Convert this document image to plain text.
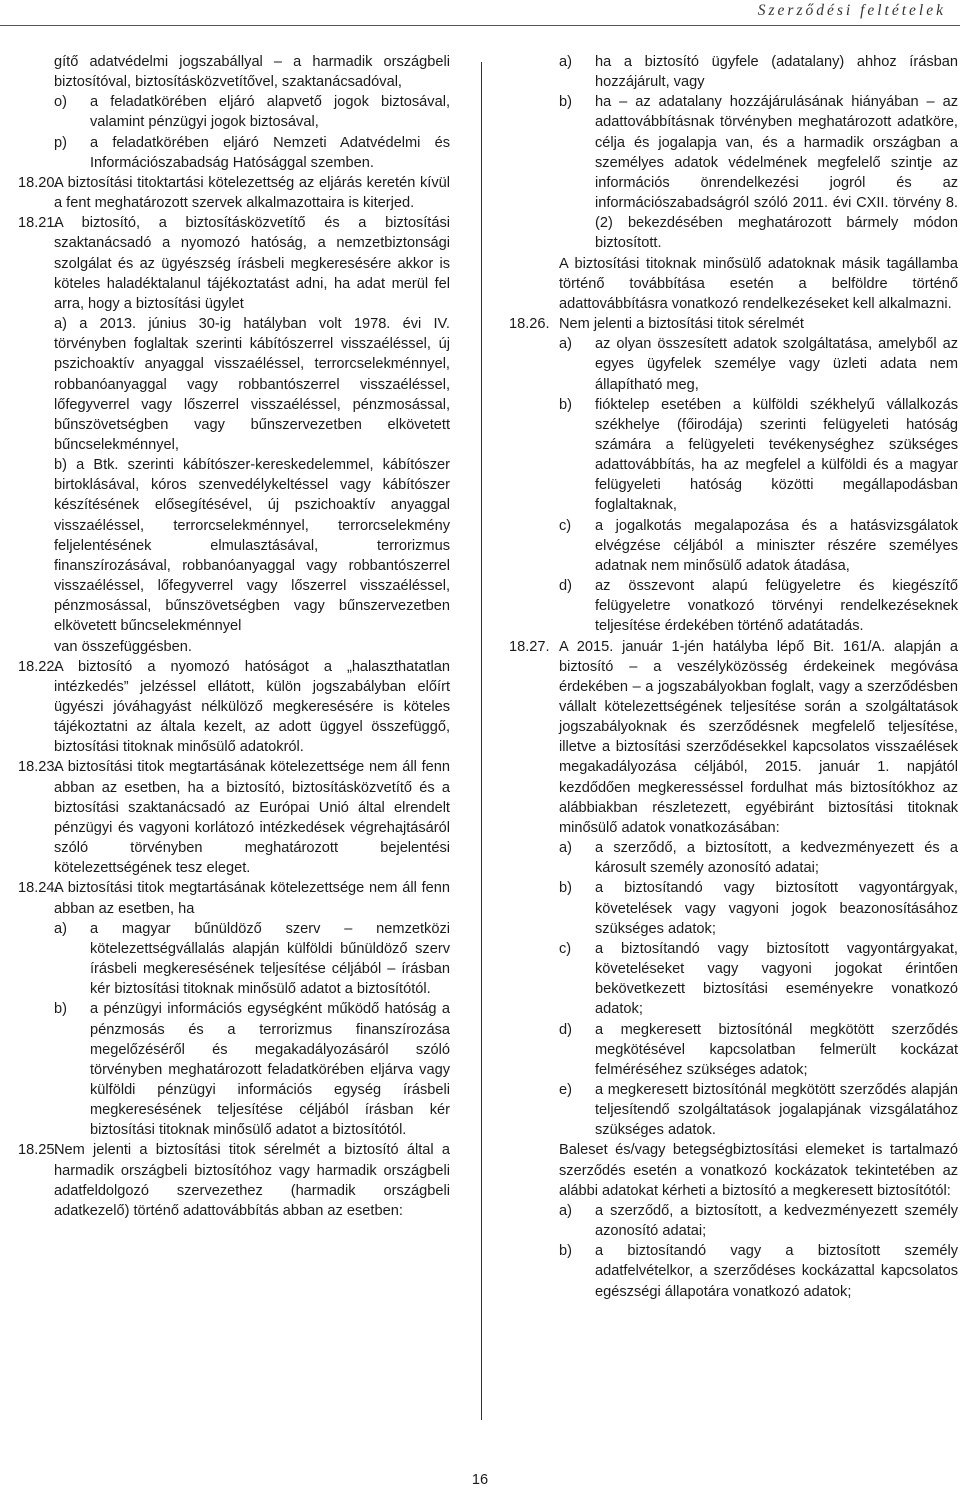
Szerződési feltételek

gítő adatvédelmi jogszabállyal – a harmadik országbeli biztosítóval, biztosításközvetítővel, szaktanácsadóval,

o) a feladatkörében eljáró alapvető jogok biztosával, valamint pénzügyi jogok biztosával,

p) a feladatkörében eljáró Nemzeti Adatvédelmi és Információszabadság Hatósággal szemben.

18.20.

A biztosítási titoktartási kötelezettség az eljárás keretén kívül a fent meghatározott szervek alkalmazottaira is kiterjed.

18.21.

A biztosító, a biztosításközvetítő és a biztosítási szaktanácsadó a nyomozó hatóság, a nemzetbiztonsági szolgálat és az ügyészség írásbeli megkeresésére akkor is köteles haladéktalanul tájékoztatást adni, ha adat merül fel arra, hogy a biztosítási ügylet

a) a 2013. június 30-ig hatályban volt 1978. évi IV. törvényben foglaltak szerinti kábítószerrel visszaéléssel, új pszichoaktív anyaggal visszaéléssel, terrorcselekménnyel, robbanóanyaggal vagy robbantószerrel visszaéléssel, lőfegyverrel vagy lőszerrel visszaéléssel, pénzmosással, bűnszövetségben vagy bűnszervezetben elkövetett bűncselekménnyel,

b) a Btk. szerinti kábítószer-kereskedelemmel, kábítószer birtoklásával, kóros szenvedélykeltéssel vagy kábítószer készítésének elősegítésével, új pszichoaktív anyaggal visszaéléssel, terrorcselekménnyel, terrorcselekmény feljelentésének elmulasztásával, terrorizmus finanszírozásával, robbanóanyaggal vagy robbantószerrel visszaéléssel, lőfegyverrel vagy lőszerrel visszaéléssel, pénzmosással, bűnszövetségben vagy bűnszervezetben elkövetett bűncselekménnyel

van összefüggésben.

18.22.

A biztosító a nyomozó hatóságot a „halaszthatatlan intézkedés” jelzéssel ellátott, külön jogszabályban előírt ügyészi jóváhagyást nélkülöző megkeresésére is köteles tájékoztatni az általa kezelt, az adott üggyel összefüggő, biztosítási titoknak minősülő adatokról.

18.23.

A biztosítási titok megtartásának kötelezettsége nem áll fenn abban az esetben, ha a biztosító, biztosításközvetítő és a biztosítási szaktanácsadó az Európai Unió által elrendelt pénzügyi és vagyoni korlátozó intézkedések végrehajtásáról szóló törvényben meghatározott bejelentési kötelezettségének tesz eleget.

18.24.

A biztosítási titok megtartásának kötelezettsége nem áll fenn abban az esetben, ha

a) a magyar bűnüldöző szerv – nemzetközi kötelezettségvállalás alapján külföldi bűnüldöző szerv írásbeli megkeresésének teljesítése céljából – írásban kér biztosítási titoknak minősülő adatot a biztosítótól.

b) a pénzügyi információs egységként működő hatóság a pénzmosás és a terrorizmus finanszírozása megelőzéséről és megakadályozásáról szóló törvényben meghatározott feladatkörében eljárva vagy külföldi pénzügyi információs egység írásbeli megkeresésének teljesítése céljából írásban kér biztosítási titoknak minősülő adatot a biztosítótól.

18.25.

Nem jelenti a biztosítási titok sérelmét a biztosító által a harmadik országbeli biztosítóhoz vagy harmadik országbeli adatfeldolgozó szervezethez (harmadik országbeli adatkezelő) történő adattovábbítás abban az esetben:

a) ha a biztosító ügyfele (adatalany) ahhoz írásban hozzájárult, vagy

b) ha – az adatalany hozzájárulásának hiányában – az adattovábbításnak törvényben meghatározott adatköre, célja és jogalapja van, és a harmadik országban a személyes adatok védelmének megfelelő szintje az információs önrendelkezési jogról és az információszabadságról szóló 2011. évi CXII. törvény 8. (2) bekezdésében meghatározott bármely módon biztosított.

A biztosítási titoknak minősülő adatoknak másik tagállamba történő továbbítása esetén a belföldre történő adattovábbításra vonatkozó rendelkezéseket kell alkalmazni.

18.26. Nem jelenti a biztosítási titok sérelmét

a) az olyan összesített adatok szolgáltatása, amelyből az egyes ügyfelek személye vagy üzleti adata nem állapítható meg,

b) fióktelep esetében a külföldi székhelyű vállalkozás székhelye (főirodája) szerinti felügyeleti hatóság számára a felügyeleti tevékenységhez szükséges adattovábbítás, ha az megfelel a külföldi és a magyar felügyeleti hatóság közötti megállapodásban foglaltaknak,

c) a jogalkotás megalapozása és a hatásvizsgálatok elvégzése céljából a miniszter részére személyes adatnak nem minősülő adatok átadása,

d) az összevont alapú felügyeletre és kiegészítő felügyeletre vonatkozó törvényi rendelkezéseknek teljesítése érdekében történő adatátadás.

18.27. A 2015. január 1-jén hatályba lépő Bit. 161/A. alapján a biztosító – a veszélyközösség érdekeinek megóvása érdekében – a jogszabályokban foglalt, vagy a szerződésben vállalt kötelezettségének teljesítése során a szolgáltatások jogszabályoknak és szerződésnek megfelelő teljesítése, illetve a biztosítási szerződésekkel kapcsolatos visszaélések megakadályozása céljából, 2015. január 1. napjától kezdődően megkeresséssel fordulhat más biztosítókhoz az alábbiakban részletezett, egyébiránt biztosítási titoknak minősülő adatok vonatkozásában:

a) a szerződő, a biztosított, a kedvezményezett és a károsult személy azonosító adatai;

b) a biztosítandó vagy biztosított vagyontárgyak, követelések vagy vagyoni jogok beazonosításához szükséges adatok;

c) a biztosítandó vagy biztosított vagyontárgyakat, követeléseket vagy vagyoni jogokat érintően bekövetkezett biztosítási eseményekre vonatkozó adatok;

d) a megkeresett biztosítónál megkötött szerződés megkötésével kapcsolatban felmerült kockázat felméréséhez szükséges adatok;

e) a megkeresett biztosítónál megkötött szerződés alapján teljesítendő szolgáltatások jogalapjának vizsgálatához szükséges adatok.

Baleset és/vagy betegségbiztosítási elemeket is tartalmazó szerződés esetén a vonatkozó kockázatok tekintetében az alábbi adatokat kérheti a biztosító a megkeresett biztosítótól:

a) a szerződő, a biztosított, a kedvezményezett személy azonosító adatai;

b) a biztosítandó vagy a biztosított személy adatfelvételkor, a szerződéses kockázattal kapcsolatos egészségi állapotára vonatkozó adatok;

16
